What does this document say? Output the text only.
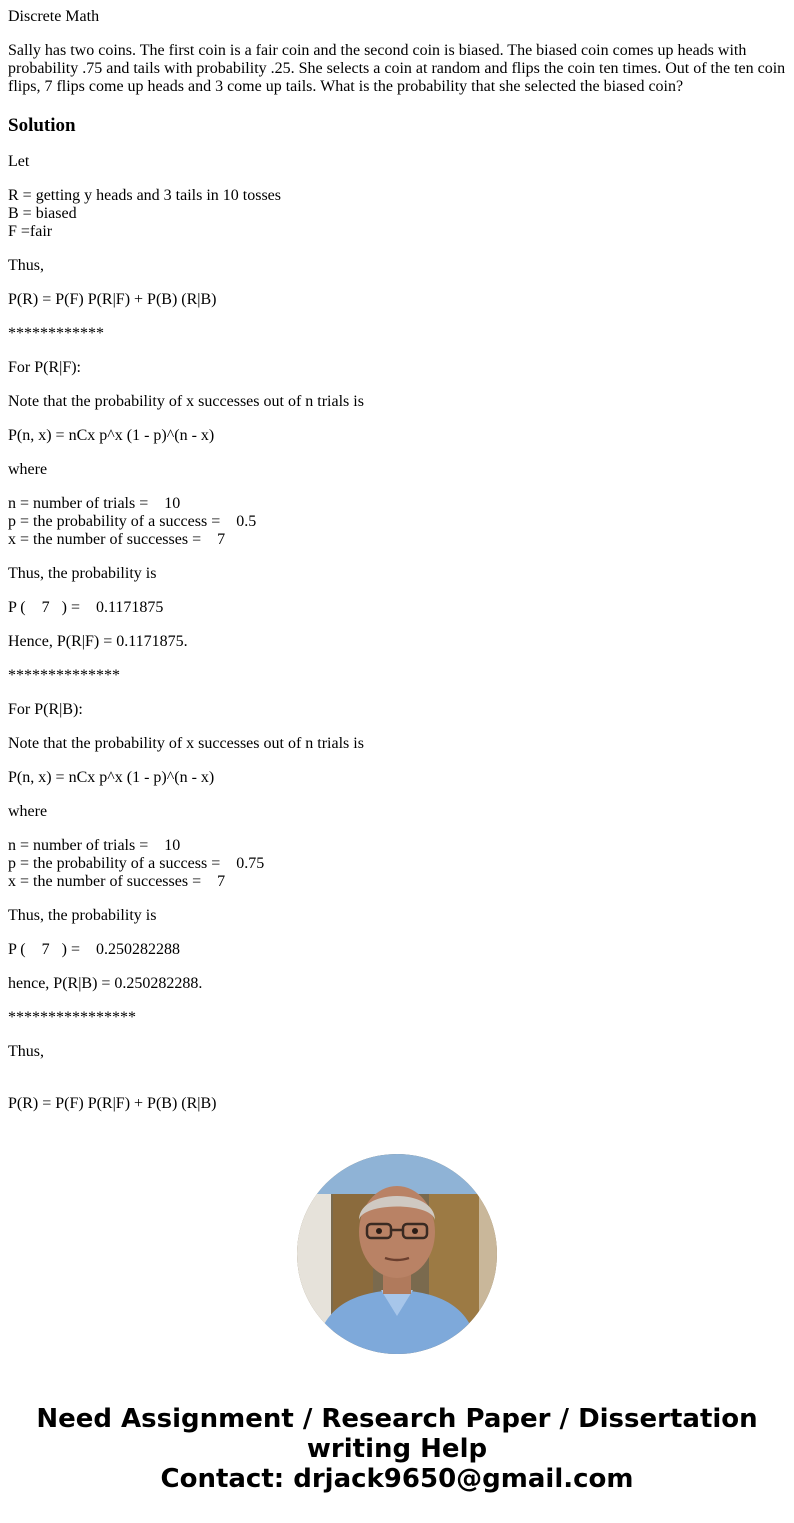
Discrete Math

Sally has two coins. The first coin is a fair coin and the second coin is biased. The biased coin comes up heads with probability .75 and tails with probability .25. She selects a coin at random and flips the coin ten times. Out of the ten coin flips, 7 flips come up heads and 3 come up tails. What is the probability that she selected the biased coin?

Solution

Let

R = getting y heads and 3 tails in 10 tosses
B = biased
F =fair

Thus,

P(R) = P(F) P(R|F) + P(B) (R|B)

************

For P(R|F):

Note that the probability of x successes out of n trials is

P(n, x) = nCx p^x (1 - p)^(n - x)

where

n = number of trials =    10
p = the probability of a success =    0.5
x = the number of successes =    7

Thus, the probability is

P (    7   ) =    0.1171875

Hence, P(R|F) = 0.1171875.

**************

For P(R|B):

Note that the probability of x successes out of n trials is

P(n, x) = nCx p^x (1 - p)^(n - x)

where

n = number of trials =    10
p = the probability of a success =    0.75
x = the number of successes =    7

Thus, the probability is

P (    7   ) =    0.250282288

hence, P(R|B) = 0.250282288.

****************

Thus,

P(R) = P(F) P(R|F) + P(B) (R|B)

Need Assignment / Research Paper / Dissertation
writing Help
Contact: drjack9650@gmail.com
